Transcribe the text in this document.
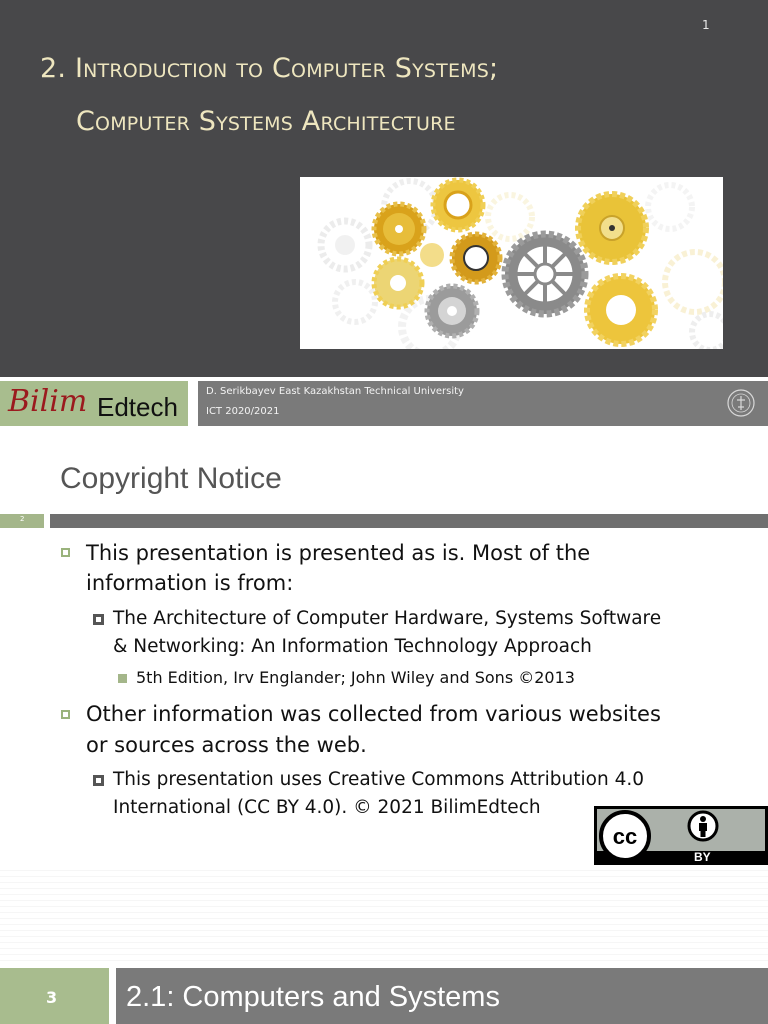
1
2. Introduction to Computer Systems;
Computer Systems Architecture
Bilim Edtech
D. Serikbayev East Kazakhstan Technical University
ICT 2020/2021
Copyright Notice
2
This presentation is presented as is. Most of the
information is from:
The Architecture of Computer Hardware, Systems Software
& Networking: An Information Technology Approach
5th Edition, Irv Englander; John Wiley and Sons ©2013
Other information was collected from various websites
or sources across the web.
This presentation uses Creative Commons Attribution 4.0
International (CC BY 4.0). © 2021 BilimEdtech
cc
BY
3 2.1: Computers and Systems
